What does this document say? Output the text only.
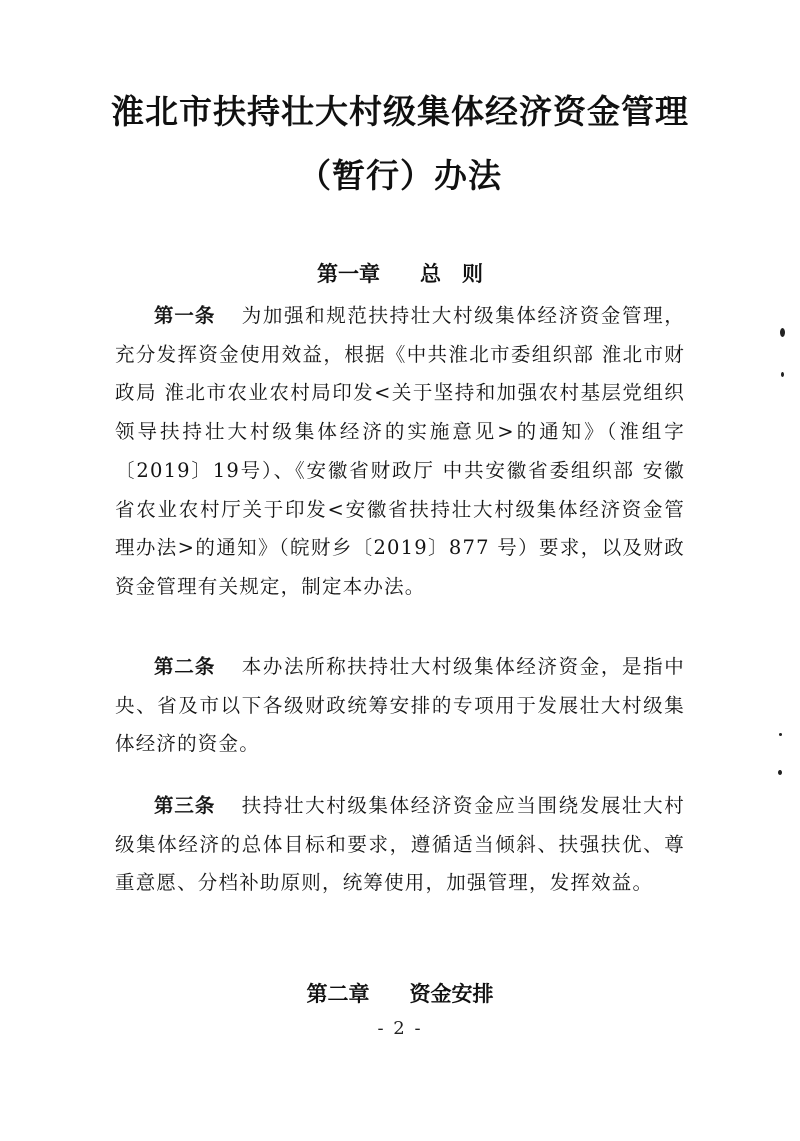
淮北市扶持壮大村级集体经济资金管理
（暂行）办法
第一章 总　则

第一条 为加强和规范扶持壮大村级集体经济资金管理，充分发挥资金使用效益，根据《中共淮北市委组织部 淮北市财政局 淮北市农业农村局印发<关于坚持和加强农村基层党组织领导扶持壮大村级集体经济的实施意见>的通知》（淮组字〔2019〕19号）、《安徽省财政厅 中共安徽省委组织部 安徽省农业农村厅关于印发<安徽省扶持壮大村级集体经济资金管理办法>的通知》（皖财乡〔2019〕877 号）要求，以及财政资金管理有关规定，制定本办法。

第二条 本办法所称扶持壮大村级集体经济资金，是指中央、省及市以下各级财政统筹安排的专项用于发展壮大村级集体经济的资金。

第三条 扶持壮大村级集体经济资金应当围绕发展壮大村级集体经济的总体目标和要求，遵循适当倾斜、扶强扶优、尊重意愿、分档补助原则，统筹使用，加强管理，发挥效益。

第二章 资金安排
- 2 -
